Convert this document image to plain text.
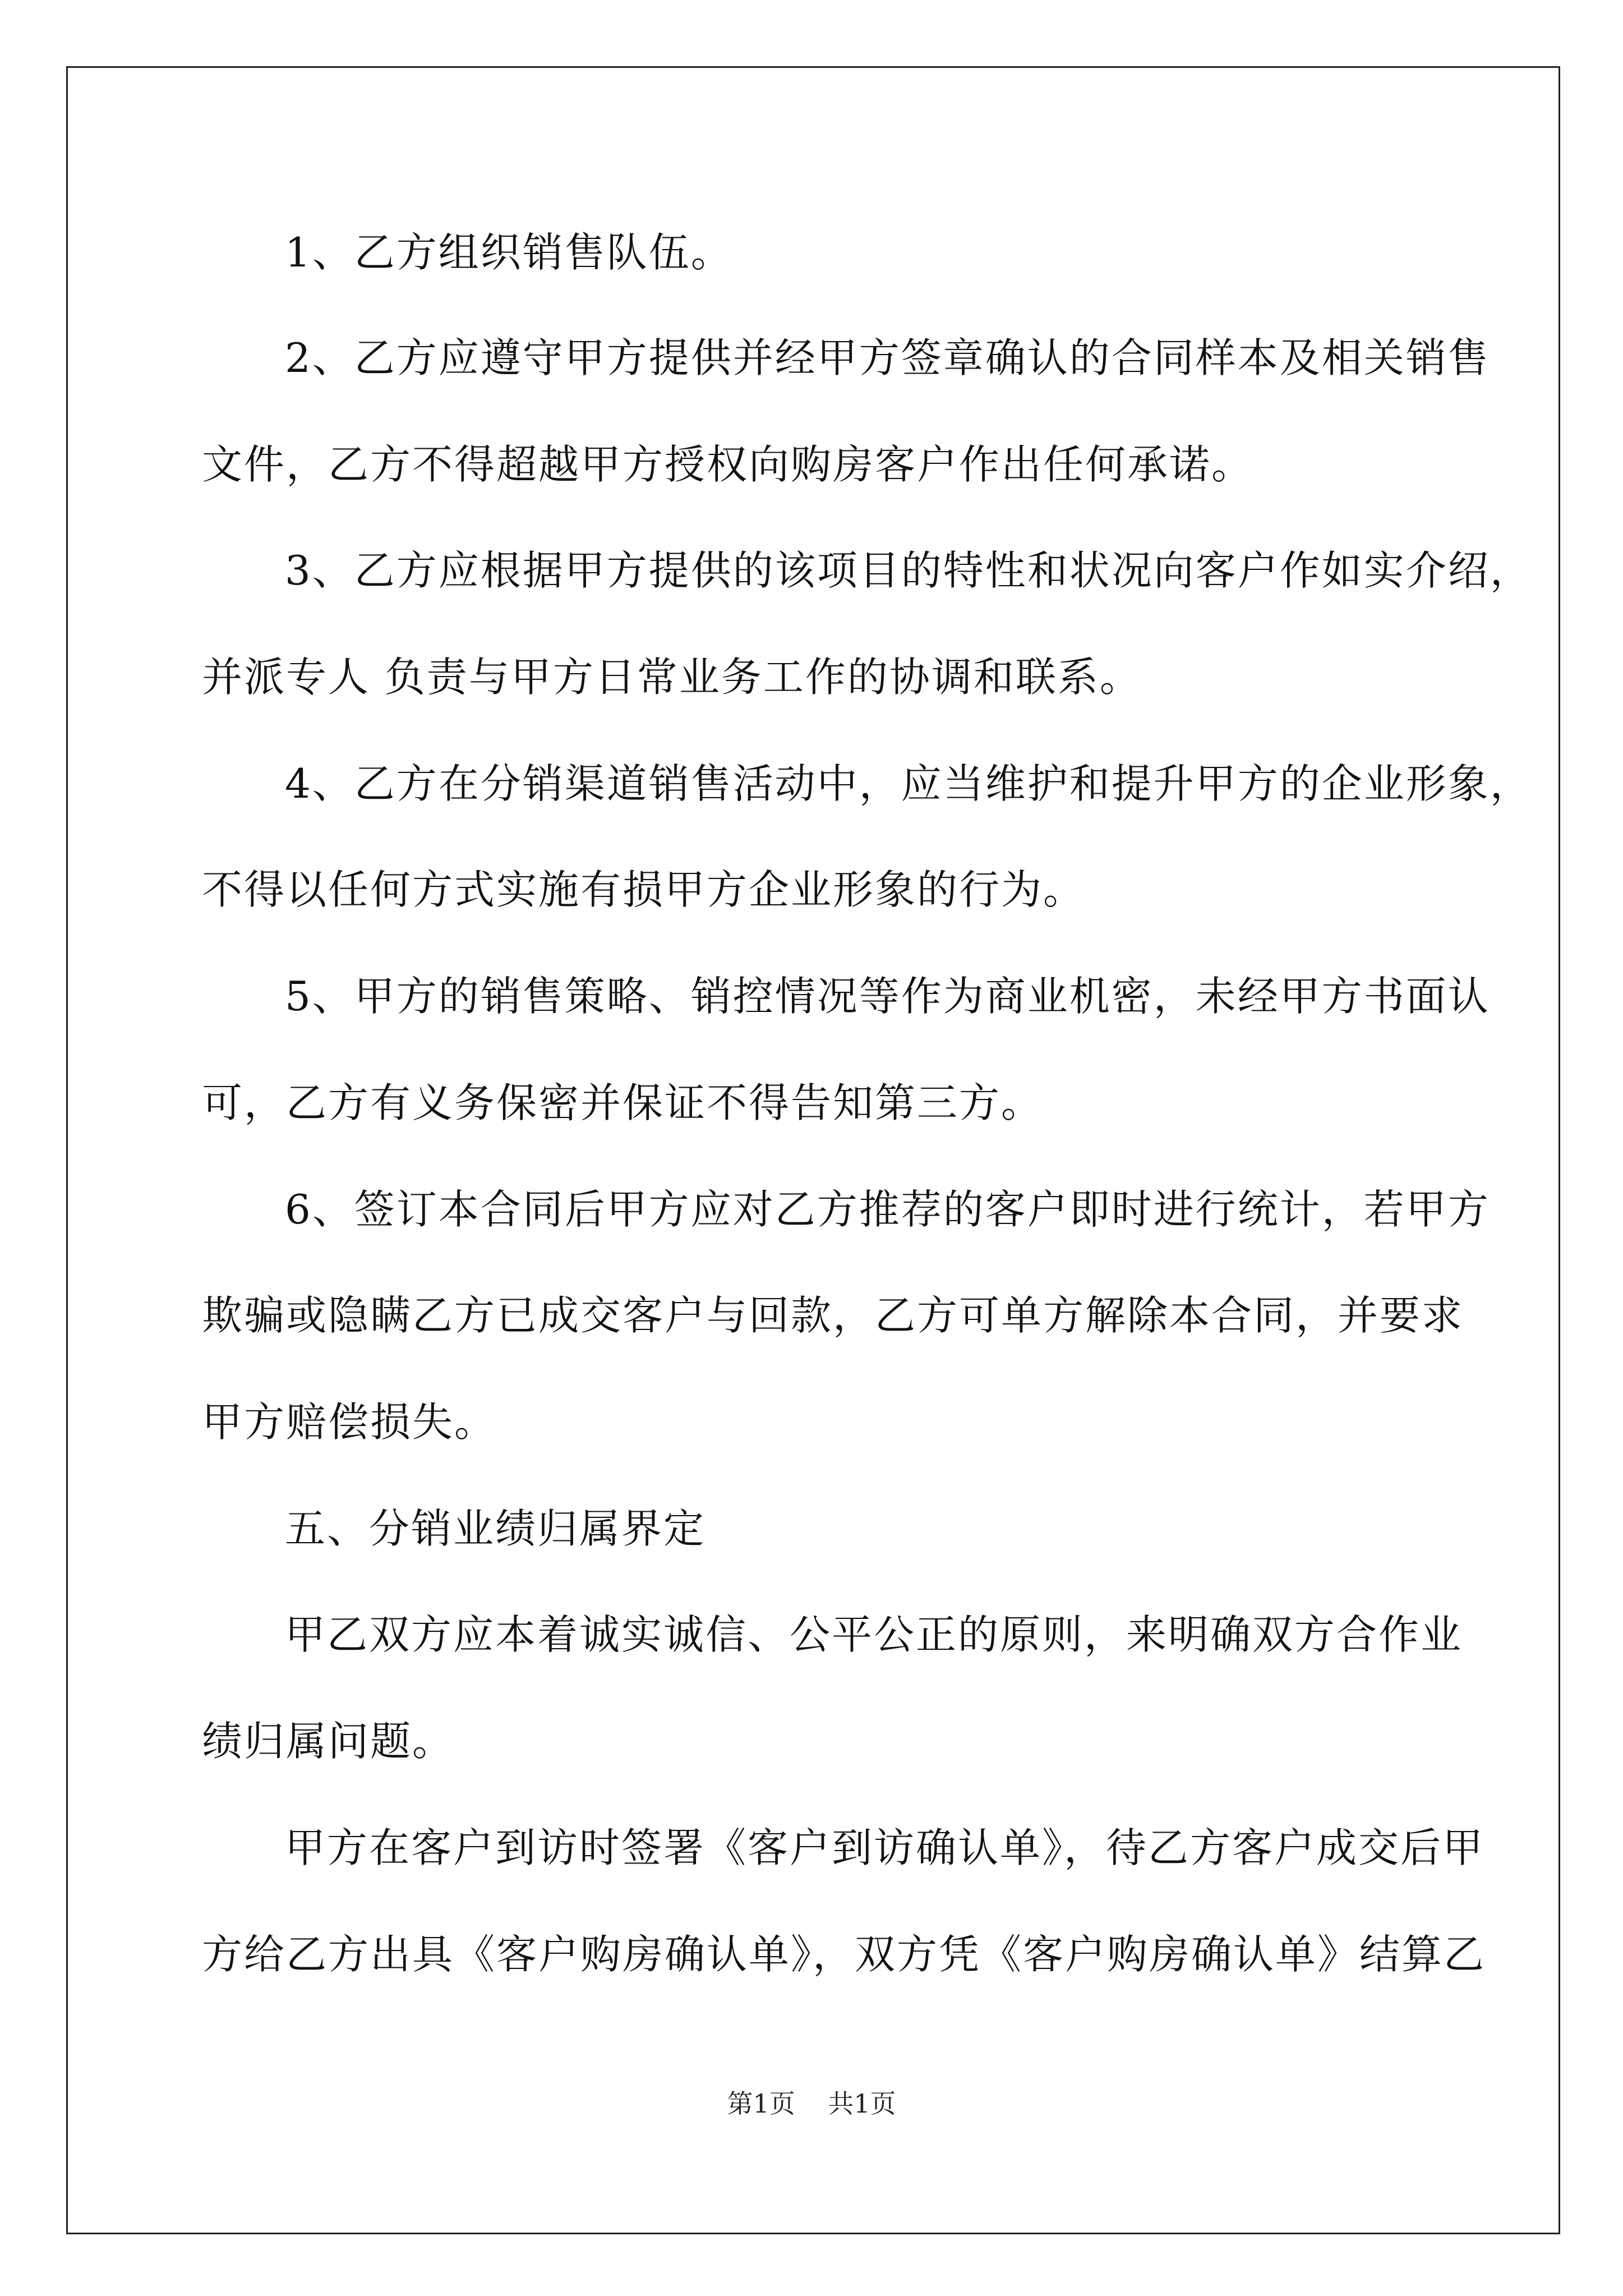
1、乙方组织销售队伍。
2、乙方应遵守甲方提供并经甲方签章确认的合同样本及相关销售
文件，乙方不得超越甲方授权向购房客户作出任何承诺。
3、乙方应根据甲方提供的该项目的特性和状况向客户作如实介绍，
并派专人 负责与甲方日常业务工作的协调和联系。
4、乙方在分销渠道销售活动中，应当维护和提升甲方的企业形象，
不得以任何方式实施有损甲方企业形象的行为。
5、甲方的销售策略、销控情况等作为商业机密，未经甲方书面认
可，乙方有义务保密并保证不得告知第三方。
6、签订本合同后甲方应对乙方推荐的客户即时进行统计，若甲方
欺骗或隐瞒乙方已成交客户与回款，乙方可单方解除本合同，并要求
甲方赔偿损失。
五、分销业绩归属界定
甲乙双方应本着诚实诚信、公平公正的原则，来明确双方合作业
绩归属问题。
甲方在客户到访时签署《客户到访确认单》，待乙方客户成交后甲
方给乙方出具《客户购房确认单》，双方凭《客户购房确认单》结算乙
第1页 共1页
